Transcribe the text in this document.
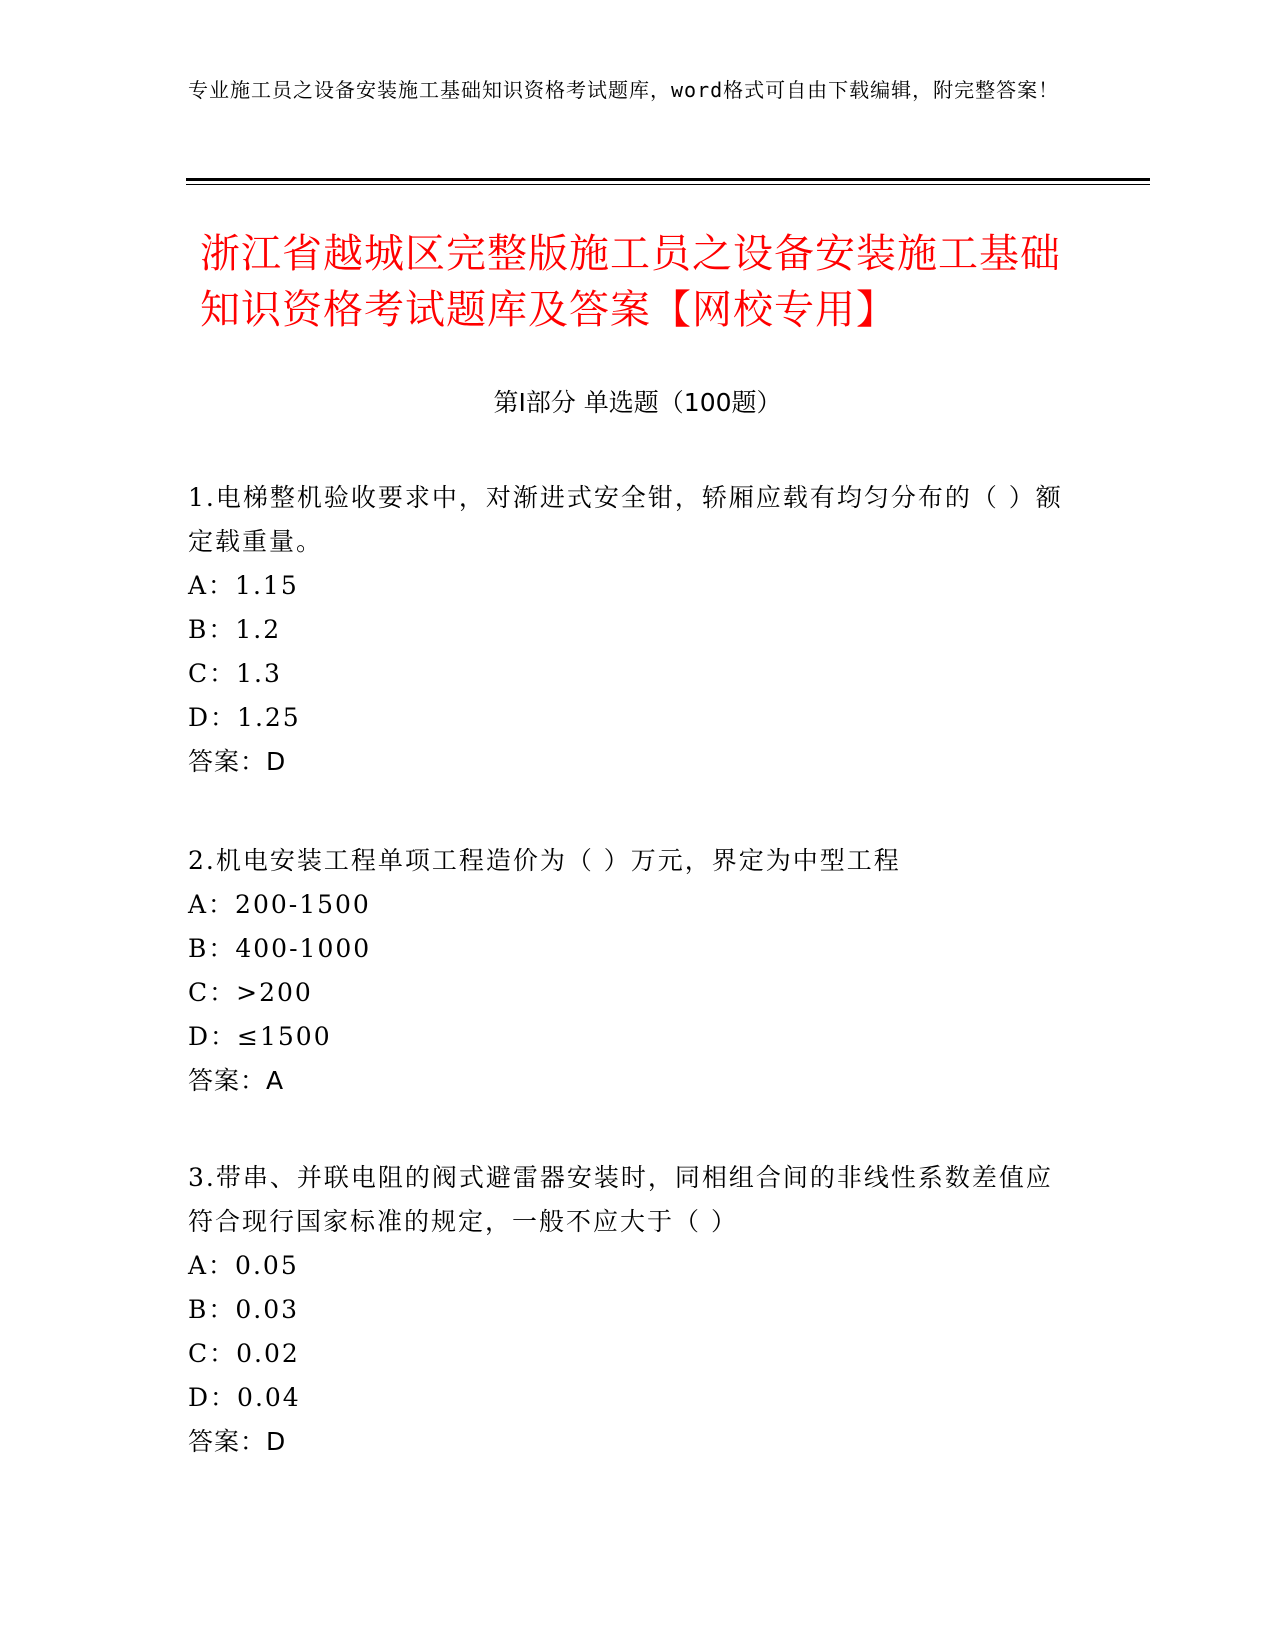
专业施工员之设备安装施工基础知识资格考试题库，word格式可自由下载编辑，附完整答案！
浙江省越城区完整版施工员之设备安装施工基础知识资格考试题库及答案【网校专用】
第Ⅰ部分 单选题（100题）
1.电梯整机验收要求中，对渐进式安全钳，轿厢应载有均匀分布的（ ）额定载重量。
A：1.15
B：1.2
C：1.3
D：1.25
答案：D
2.机电安装工程单项工程造价为（ ）万元，界定为中型工程
A：200-1500
B：400-1000
C：>200
D：≤1500
答案：A
3.带串、并联电阻的阀式避雷器安装时，同相组合间的非线性系数差值应符合现行国家标准的规定，一般不应大于（ ）
A：0.05
B：0.03
C：0.02
D：0.04
答案：D
